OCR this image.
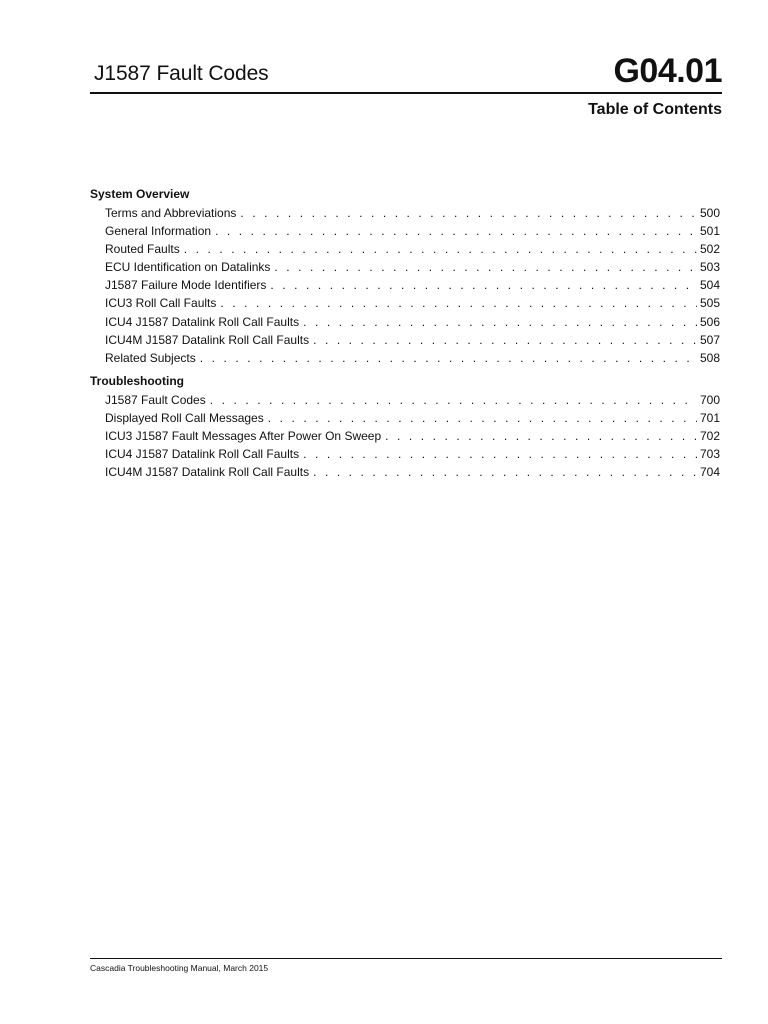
J1587 Fault Codes	G04.01
Table of Contents
System Overview
Terms and Abbreviations . . .	500
General Information . . .	501
Routed Faults . . .	502
ECU Identification on Datalinks . . .	503
J1587 Failure Mode Identifiers . . .	504
ICU3 Roll Call Faults . . .	505
ICU4 J1587 Datalink Roll Call Faults . . .	506
ICU4M J1587 Datalink Roll Call Faults . . .	507
Related Subjects . . .	508
Troubleshooting
J1587 Fault Codes . . .	700
Displayed Roll Call Messages . . .	701
ICU3 J1587 Fault Messages After Power On Sweep . . .	702
ICU4 J1587 Datalink Roll Call Faults . . .	703
ICU4M J1587 Datalink Roll Call Faults . . .	704
Cascadia Troubleshooting Manual, March 2015
